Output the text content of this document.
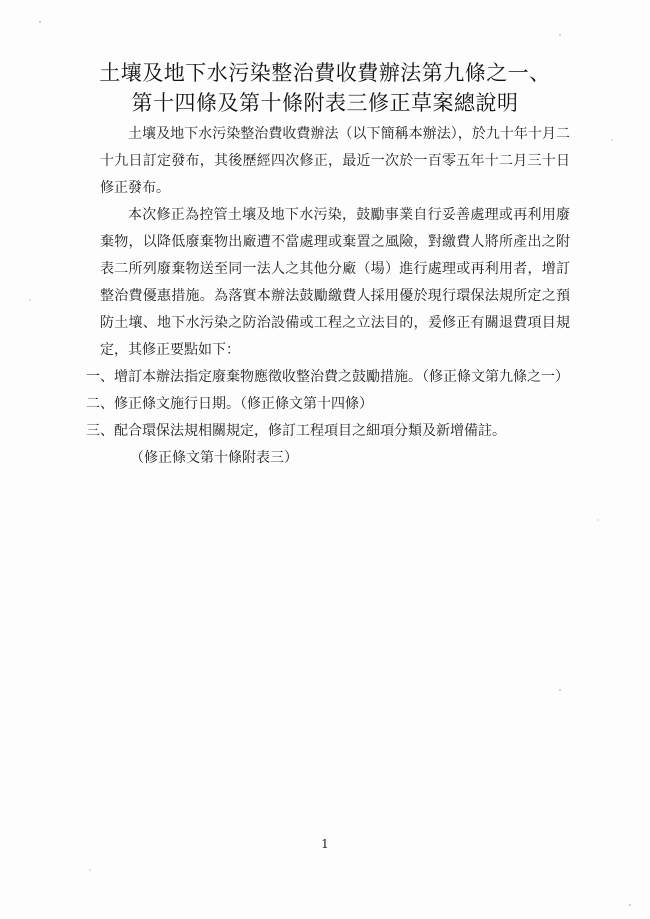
土壤及地下水污染整治費收費辦法第九條之一、
第十四條及第十條附表三修正草案總說明

土壤及地下水污染整治費收費辦法（以下簡稱本辦法），於九十年十月二十九日訂定發布，其後歷經四次修正，最近一次於一百零五年十二月三十日修正發布。

本次修正為控管土壤及地下水污染，鼓勵事業自行妥善處理或再利用廢棄物，以降低廢棄物出廠遭不當處理或棄置之風險，對繳費人將所產出之附表二所列廢棄物送至同一法人之其他分廠（場）進行處理或再利用者，增訂整治費優惠措施。為落實本辦法鼓勵繳費人採用優於現行環保法規所定之預防土壤、地下水污染之防治設備或工程之立法目的，爰修正有關退費項目規定，其修正要點如下：

一、 增訂本辦法指定廢棄物應徵收整治費之鼓勵措施。（修正條文第九條之一）
二、 修正條文施行日期。（修正條文第十四條）
三、 配合環保法規相關規定，修訂工程項目之細項分類及新增備註。
（修正條文第十條附表三）
1
